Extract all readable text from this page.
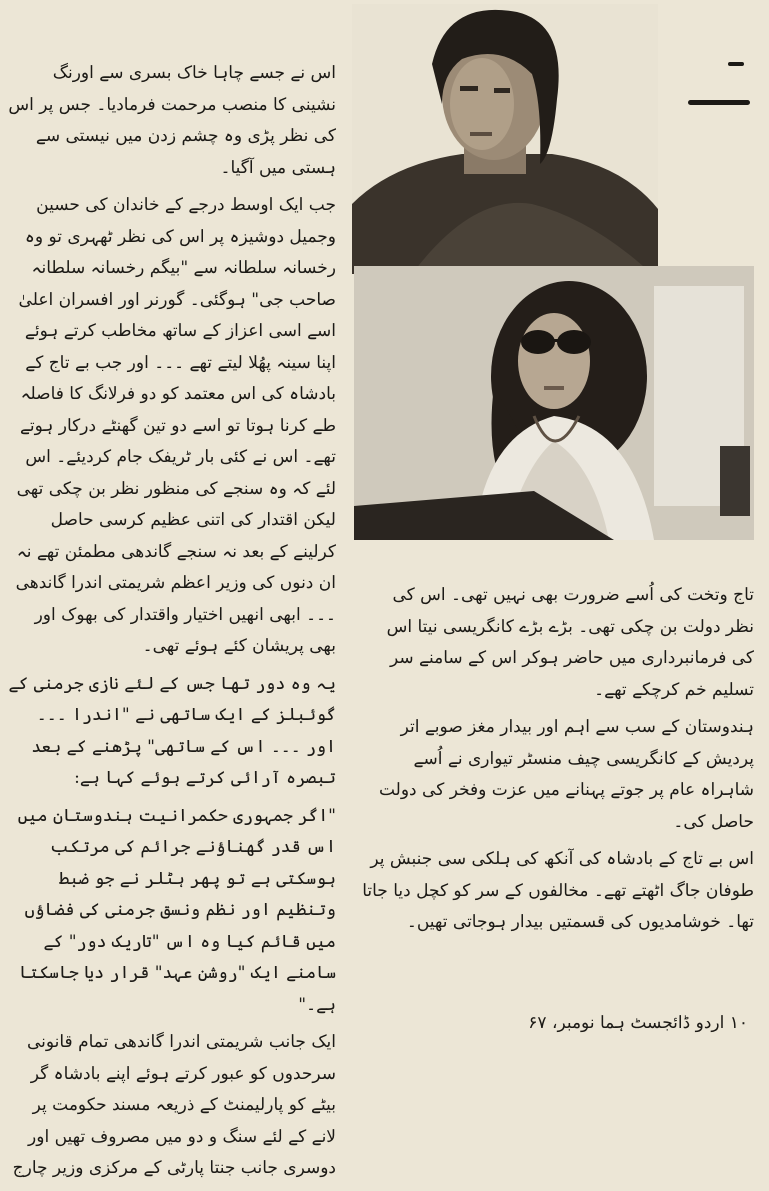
اس نے جسے چاہا خاک بسری سے اورنگ نشینی کا منصب مرحمت فرمادیا۔ جس پر اس کی نظر پڑی وہ چشم زدن میں نیستی سے ہستی میں آگیا۔

جب ایک اوسط درجے کے خاندان کی حسین وجمیل دوشیزہ پر اس کی نظر ٹھہری تو وہ رخسانہ سلطانہ سے "بیگم رخسانہ سلطانہ صاحب جی" ہوگئی۔ گورنر اور افسران اعلیٰ اسے اسی اعزاز کے ساتھ مخاطب کرتے ہوئے اپنا سینہ پھُلا لیتے تھے ۔۔۔ اور جب بے تاج کے بادشاہ کی اس معتمد کو دو فرلانگ کا فاصلہ طے کرنا ہوتا تو اسے دو تین گھنٹے درکار ہوتے تھے۔ اس نے کئی بار ٹریفک جام کردیئے۔ اس لئے کہ وہ سنجے کی منظور نظر بن چکی تھی لیکن اقتدار کی اتنی عظیم کرسی حاصل کرلینے کے بعد نہ سنجے گاندھی مطمئن تھے نہ ان دنوں کی وزیر اعظم شریمتی اندرا گاندھی ۔۔۔ ابھی انھیں اختیار واقتدار کی بھوک اور بھی پریشان کئے ہوئے تھی۔

یہ وہ دور تھا جس کے لئے نازی جرمنی کے گوئبلز کے ایک ساتھی نے "اندرا ۔۔۔ اور ۔۔۔ اس کے ساتھی" پڑھنے کے بعد تبصرہ آرائی کرتے ہوئے کہا ہے:

"اگر جمہوری حکمرانیت ہندوستان میں اس قدر گھناؤنے جرائم کی مرتکب ہوسکتی ہے تو پھر ہٹلر نے جو ضبط وتنظیم اور نظم ونسق جرمنی کی فضاؤں میں قائم کیا وہ اس "تاریک دور" کے سامنے ایک "روشن عہد" قرار دیا جاسکتا ہے۔"

ایک جانب شریمتی اندرا گاندھی تمام قانونی سرحدوں کو عبور کرتے ہوئے اپنے بادشاہ گر بیٹے کو پارلیمنٹ کے ذریعہ مسند حکومت پر لانے کے لئے سنگ و دو میں مصروف تھیں اور دوسری جانب جنتا پارٹی کے مرکزی وزیر چارج

تاج وتخت کی اُسے ضرورت بھی نہیں تھی۔ اس کی نظر دولت بن چکی تھی۔ بڑے بڑے کانگریسی نیتا اس کی فرمانبرداری میں حاضر ہوکر اس کے سامنے سر تسلیم خم کرچکے تھے۔

ہندوستان کے سب سے اہم اور بیدار مغز صوبے اتر پردیش کے کانگریسی چیف منسٹر تیواری نے اُسے شاہراہ عام پر جوتے پہنانے میں عزت وفخر کی دولت حاصل کی۔

اس بے تاج کے بادشاہ کی آنکھ کی ہلکی سی جنبش پر طوفان جاگ اٹھتے تھے۔ مخالفوں کے سر کو کچل دیا جاتا تھا۔ خوشامدیوں کی قسمتیں بیدار ہوجاتی تھیں۔

۱۰ اردو ڈائجسٹ ہما نومبر، ۶۷
